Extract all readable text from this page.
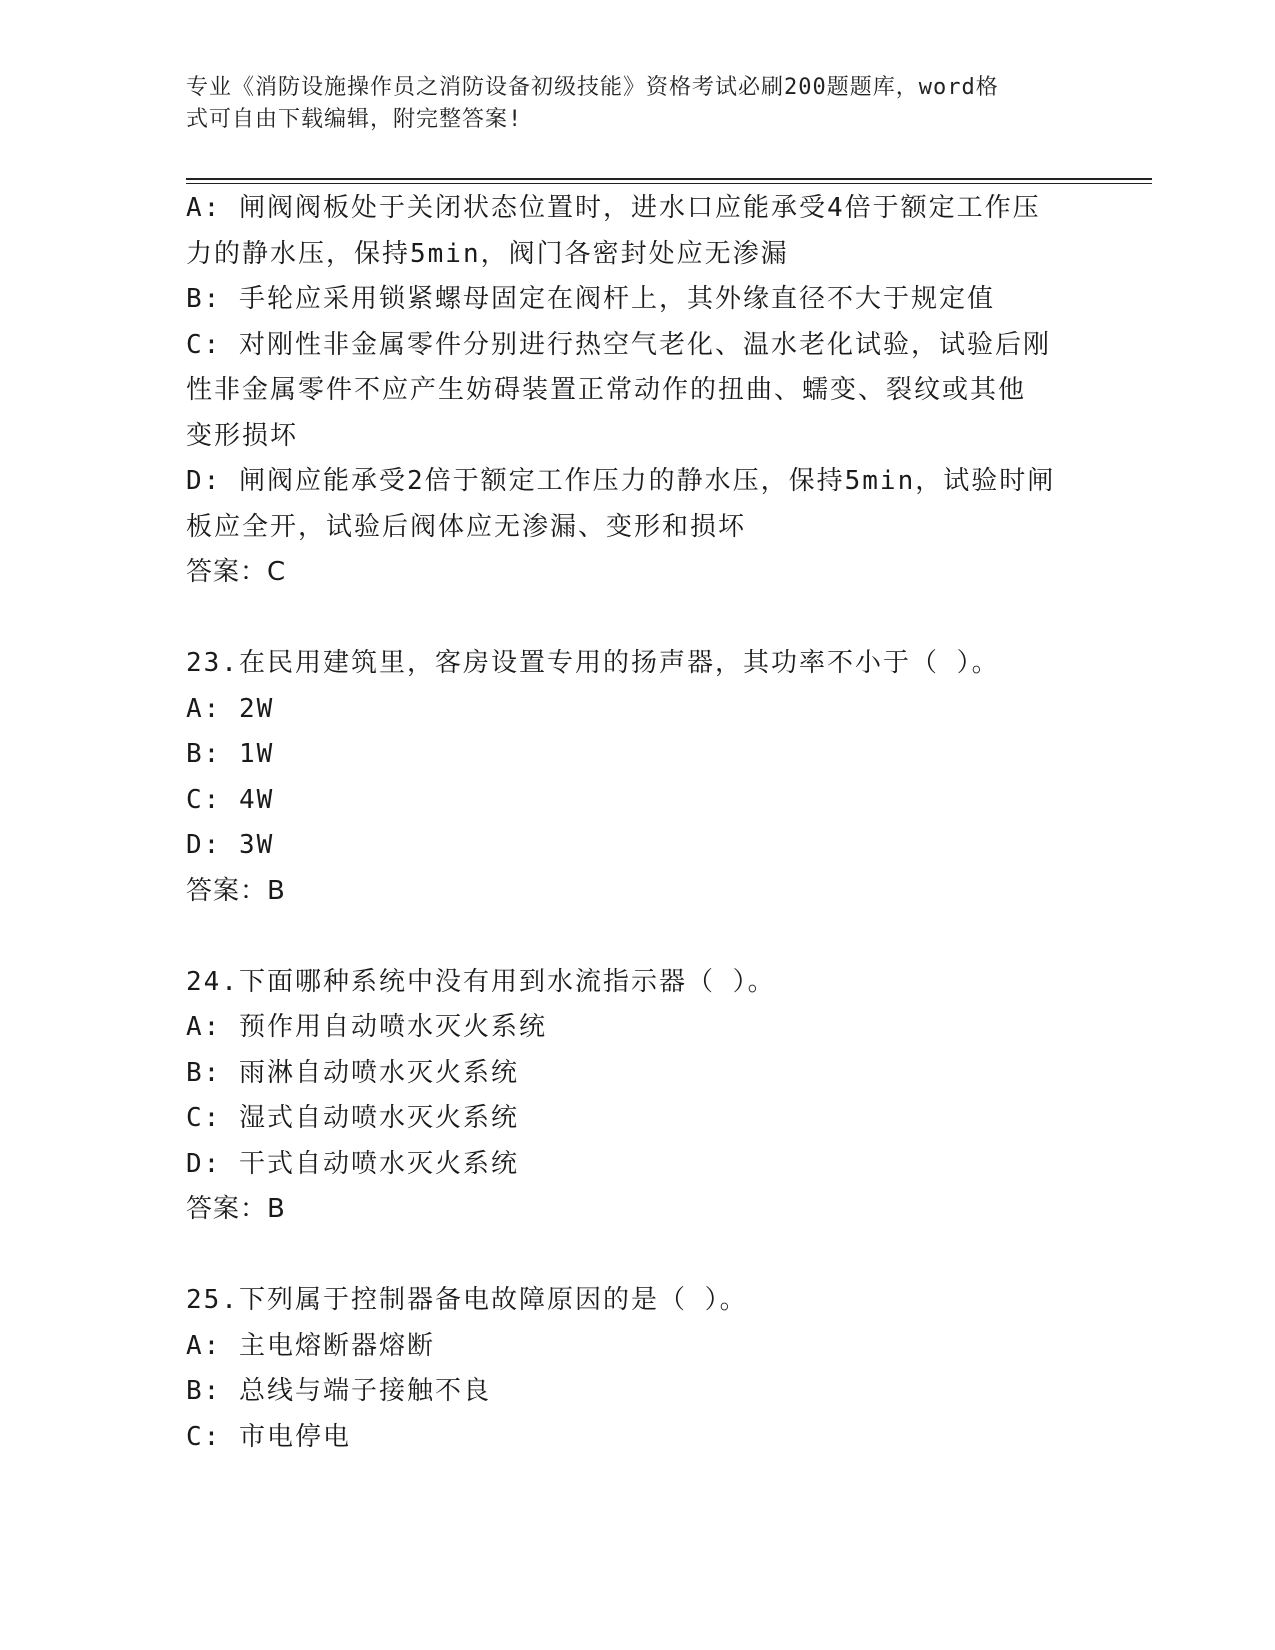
专业《消防设施操作员之消防设备初级技能》资格考试必刷200题题库，word格
式可自由下载编辑，附完整答案!
A: 闸阀阀板处于关闭状态位置时，进水口应能承受4倍于额定工作压
力的静水压，保持5min，阀门各密封处应无渗漏
B: 手轮应采用锁紧螺母固定在阀杆上，其外缘直径不大于规定值
C: 对刚性非金属零件分别进行热空气老化、温水老化试验，试验后刚
性非金属零件不应产生妨碍装置正常动作的扭曲、蠕变、裂纹或其他
变形损坏
D: 闸阀应能承受2倍于额定工作压力的静水压，保持5min，试验时闸
板应全开，试验后阀体应无渗漏、变形和损坏
答案：C
23.在民用建筑里，客房设置专用的扬声器，其功率不小于（ ）。
A: 2W
B: 1W
C: 4W
D: 3W
答案：B
24.下面哪种系统中没有用到水流指示器（ ）。
A: 预作用自动喷水灭火系统
B: 雨淋自动喷水灭火系统
C: 湿式自动喷水灭火系统
D: 干式自动喷水灭火系统
答案：B
25.下列属于控制器备电故障原因的是（ ）。
A: 主电熔断器熔断
B: 总线与端子接触不良
C: 市电停电
